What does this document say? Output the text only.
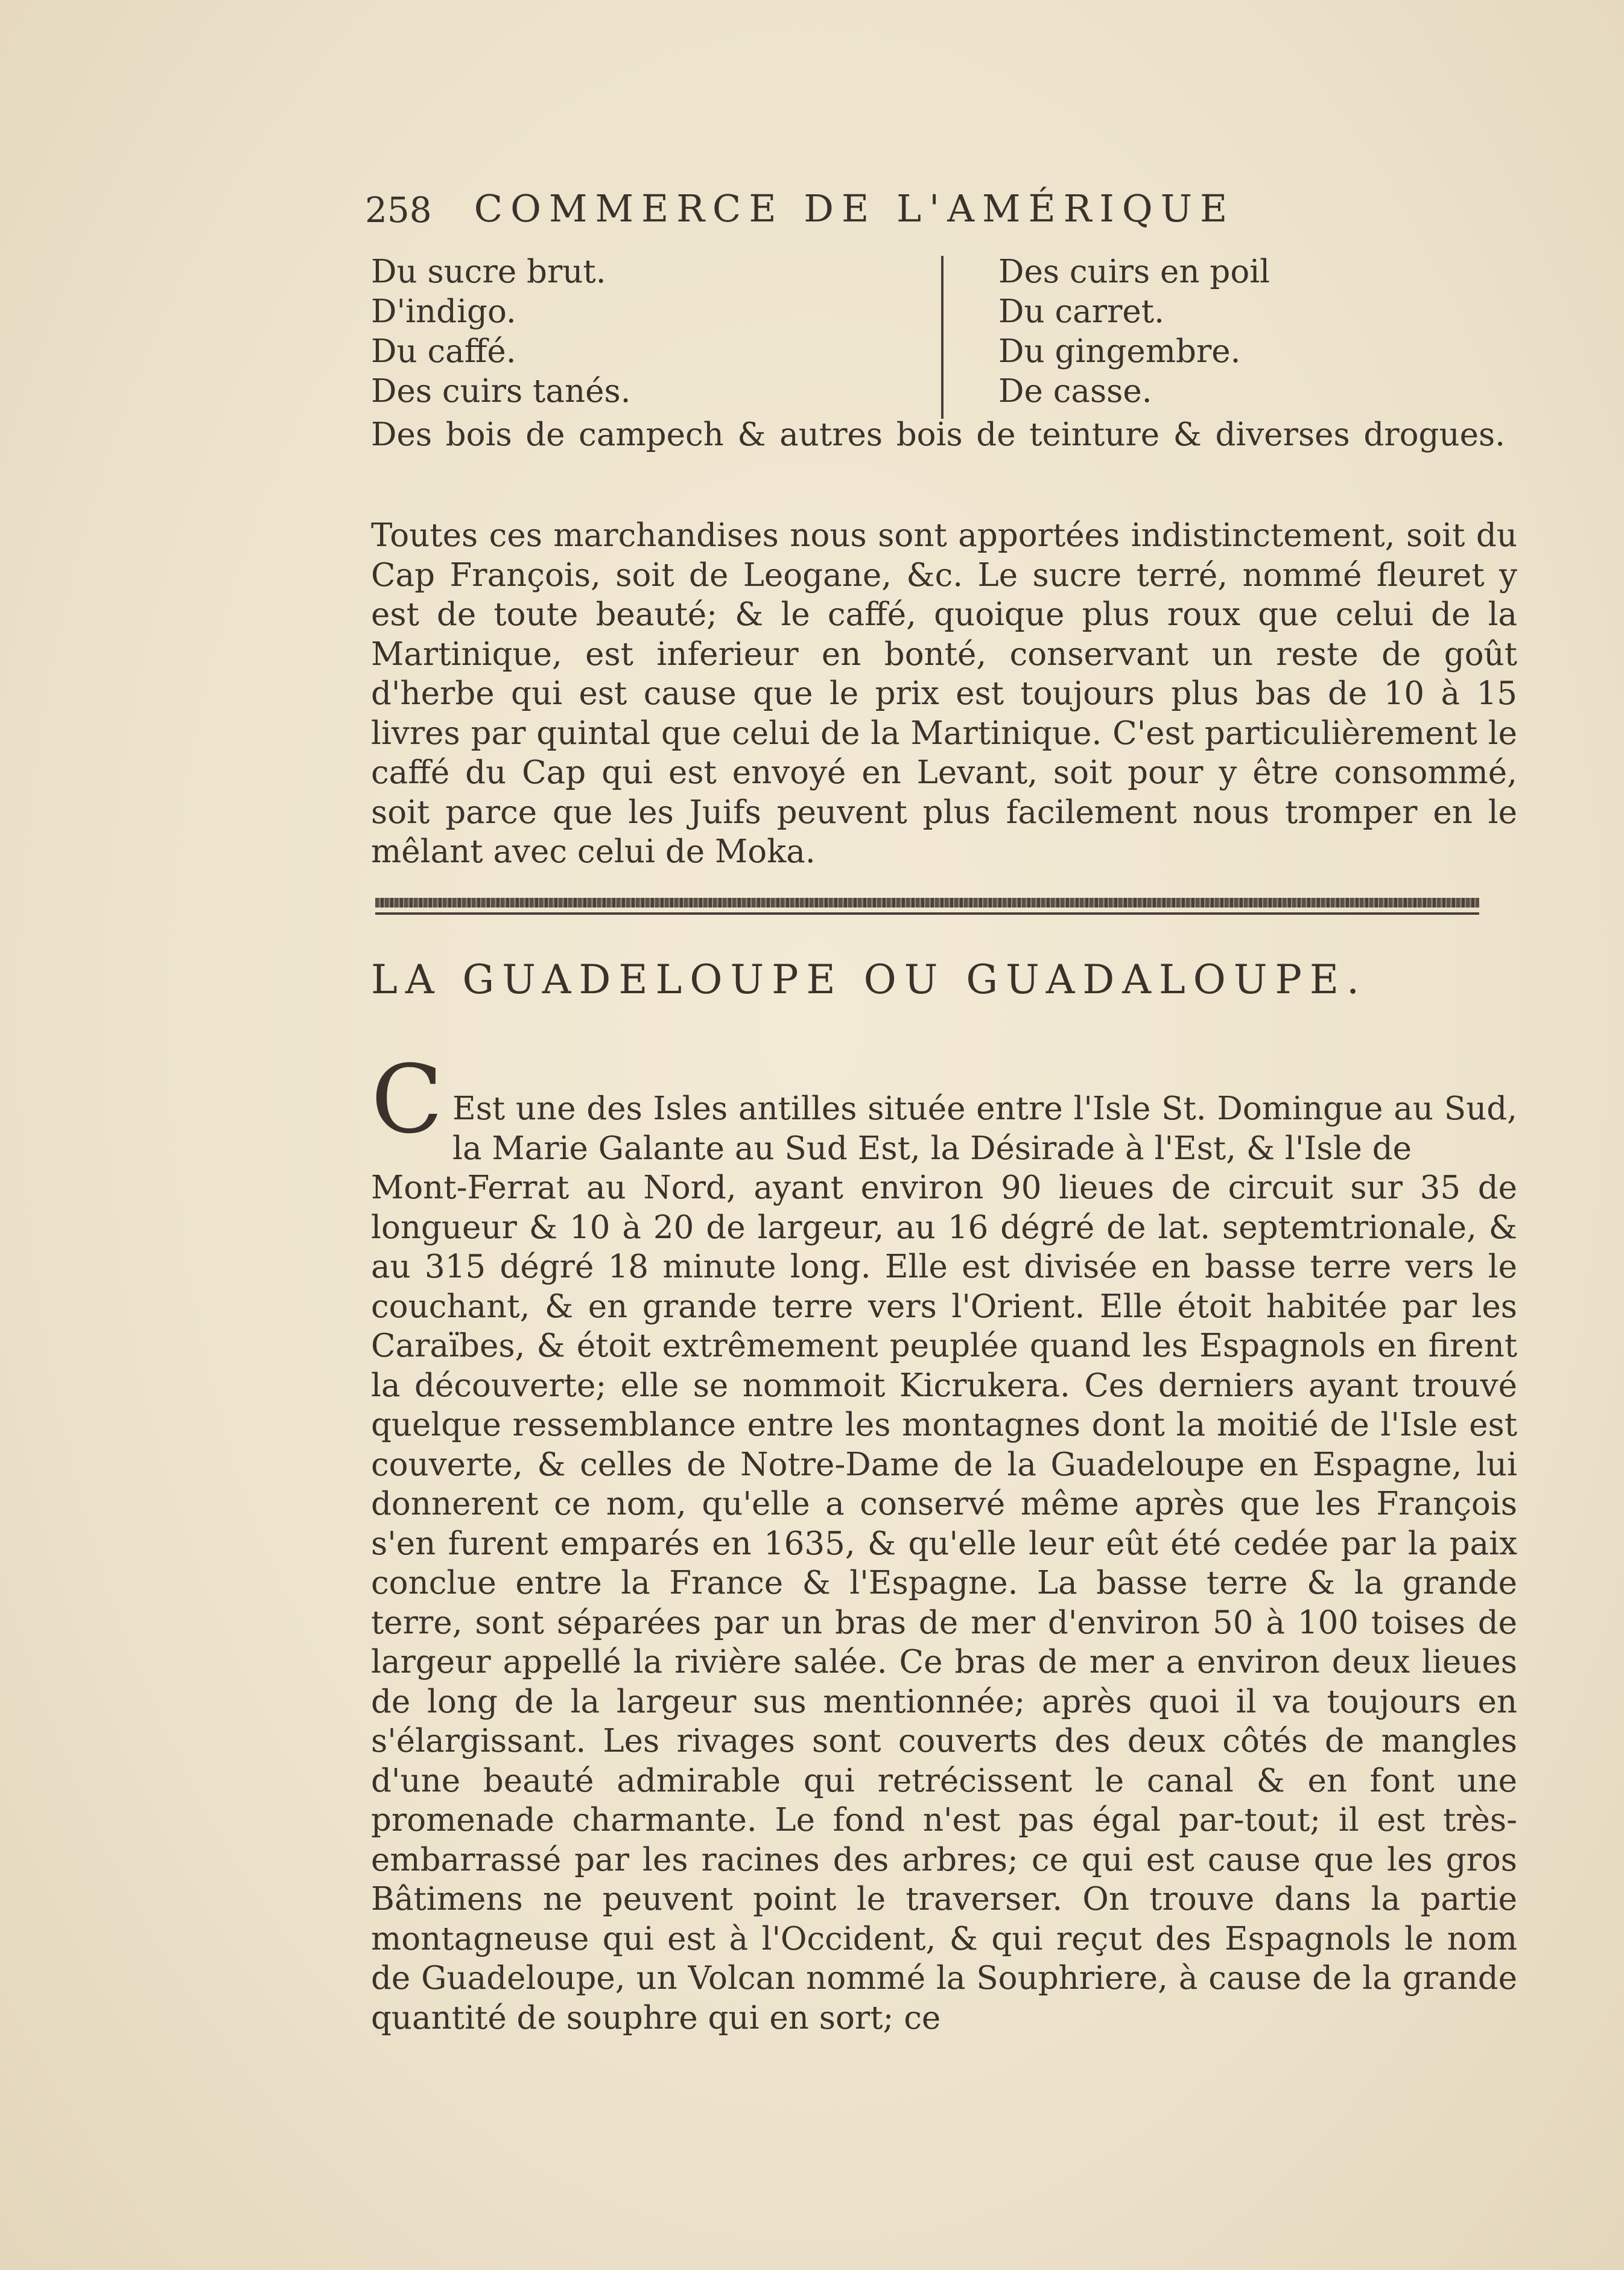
258 COMMERCE DE L'AMÉRIQUE
Du sucre brut.
D'indigo.
Du caffé.
Des cuirs tanés.
Des cuirs en poil
Du carret.
Du gingembre.
De casse.
Des bois de campech & autres bois de teinture & diverses drogues.

Toutes ces marchandises nous sont apportées indistinctement, soit du Cap François, soit de Leogane, &c. Le sucre terré, nommé fleuret y est de toute beauté; & le caffé, quoique plus roux que celui de la Martinique, est inferieur en bonté, conservant un reste de goût d'herbe qui est cause que le prix est toujours plus bas de 10 à 15 livres par quintal que celui de la Martinique. C'est particulièrement le caffé du Cap qui est envoyé en Levant, soit pour y être consommé, soit parce que les Juifs peuvent plus facilement nous tromper en le mêlant avec celui de Moka.

LA GUADELOUPE OU GUADALOUPE.
C Est une des Isles antilles située entre l'Isle St. Domingue au Sud, la Marie Galante au Sud Est, la Désirade à l'Est, & l'Isle de

Mont-Ferrat au Nord, ayant environ 90 lieues de circuit sur 35 de longueur & 10 à 20 de largeur, au 16 dégré de lat. septemtrionale, & au 315 dégré 18 minute long. Elle est divisée en basse terre vers le couchant, & en grande terre vers l'Orient. Elle étoit habitée par les Caraïbes, & étoit extrêmement peuplée quand les Espagnols en firent la découverte; elle se nommoit Kicrukera. Ces derniers ayant trouvé quelque ressemblance entre les montagnes dont la moitié de l'Isle est couverte, & celles de Notre-Dame de la Guadeloupe en Espagne, lui donnerent ce nom, qu'elle a conservé même après que les François s'en furent emparés en 1635, & qu'elle leur eût été cedée par la paix conclue entre la France & l'Espagne. La basse terre & la grande terre, sont séparées par un bras de mer d'environ 50 à 100 toises de largeur appellé la rivière salée. Ce bras de mer a environ deux lieues de long de la largeur sus mentionnée; après quoi il va toujours en s'élargissant. Les rivages sont couverts des deux côtés de mangles d'une beauté admirable qui retrécissent le canal & en font une promenade charmante. Le fond n'est pas égal par-tout; il est très-embarrassé par les racines des arbres; ce qui est cause que les gros Bâtimens ne peuvent point le traverser. On trouve dans la partie montagneuse qui est à l'Occident, & qui reçut des Espagnols le nom de Guadeloupe, un Volcan nommé la Souphriere, à cause de la grande quantité de souphre qui en sort; ce
